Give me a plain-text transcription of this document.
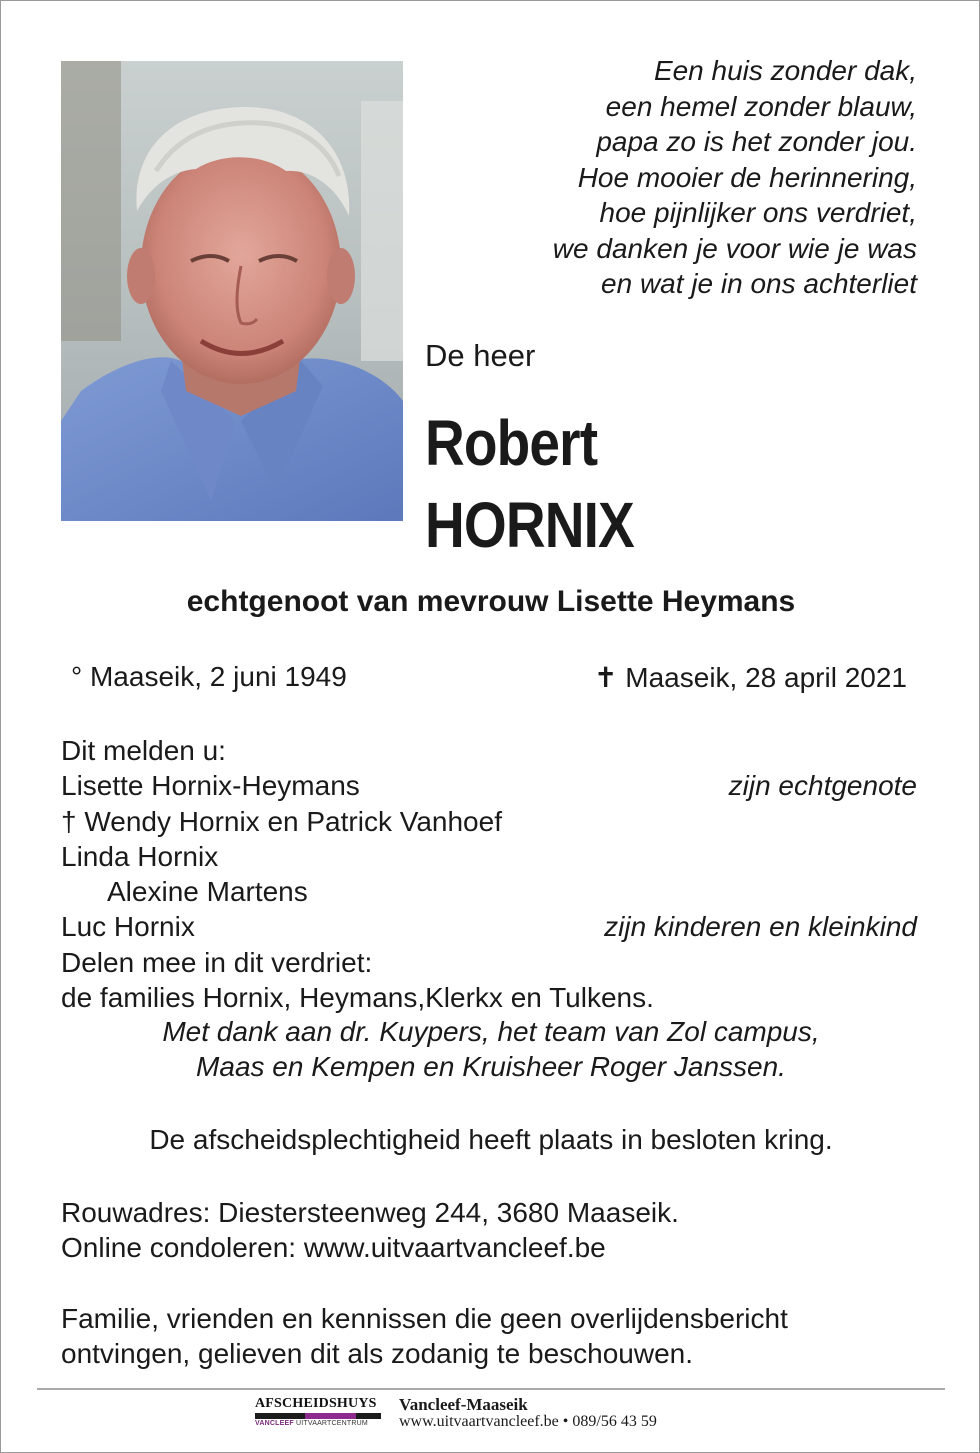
Een huis zonder dak,
een hemel zonder blauw,
papa zo is het zonder jou.
Hoe mooier de herinnering,
hoe pijnlijker ons verdriet,
we danken je voor wie je was
en wat je in ons achterliet
De heer
Robert
HORNIX
echtgenoot van mevrouw Lisette Heymans
° Maaseik, 2 juni 1949	✝ Maaseik, 28 april 2021
Dit melden u:
Lisette Hornix-Heymans	zijn echtgenote
† Wendy Hornix en Patrick Vanhoef
Linda Hornix
Alexine Martens
Luc Hornix	zijn kinderen en kleinkind
Delen mee in dit verdriet:
de families Hornix, Heymans,Klerkx en Tulkens.
Met dank aan dr. Kuypers, het team van Zol campus,
Maas en Kempen en Kruisheer Roger Janssen.
De afscheidsplechtigheid heeft plaats in besloten kring.
Rouwadres: Diestersteenweg 244, 3680 Maaseik.
Online condoleren: www.uitvaartvancleef.be
Familie, vrienden en kennissen die geen overlijdensbericht
ontvingen, gelieven dit als zodanig te beschouwen.
AFSCHEIDSHUYS
VANCLEEF UITVAARTCENTRUM
Vancleef-Maaseik
www.uitvaartvancleef.be • 089/56 43 59
